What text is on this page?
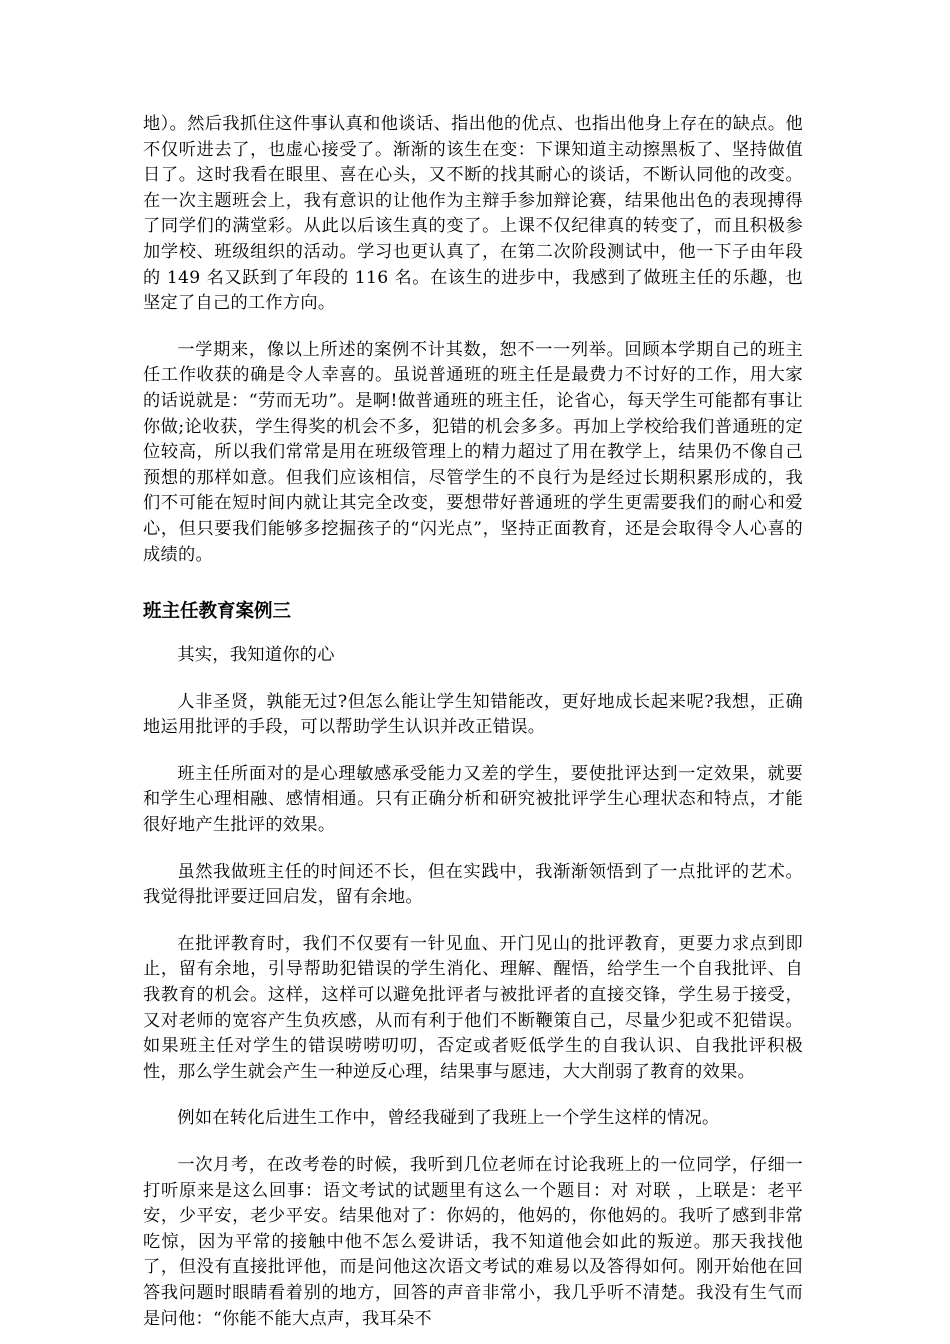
地）。然后我抓住这件事认真和他谈话、指出他的优点、也指出他身上存在的缺点。他不仅听进去了，也虚心接受了。渐渐的该生在变：下课知道主动擦黑板了、坚持做值日了。这时我看在眼里、喜在心头，又不断的找其耐心的谈话，不断认同他的改变。在一次主题班会上，我有意识的让他作为主辩手参加辩论赛，结果他出色的表现搏得了同学们的满堂彩。从此以后该生真的变了。上课不仅纪律真的转变了，而且积极参加学校、班级组织的活动。学习也更认真了，在第二次阶段测试中，他一下子由年段的 149 名又跃到了年段的 116 名。在该生的进步中，我感到了做班主任的乐趣，也坚定了自己的工作方向。

一学期来，像以上所述的案例不计其数，恕不一一列举。回顾本学期自己的班主任工作收获的确是令人幸喜的。虽说普通班的班主任是最费力不讨好的工作，用大家的话说就是：“劳而无功”。是啊!做普通班的班主任，论省心，每天学生可能都有事让你做;论收获，学生得奖的机会不多，犯错的机会多多。再加上学校给我们普通班的定位较高，所以我们常常是用在班级管理上的精力超过了用在教学上，结果仍不像自己预想的那样如意。但我们应该相信，尽管学生的不良行为是经过长期积累形成的，我们不可能在短时间内就让其完全改变，要想带好普通班的学生更需要我们的耐心和爱心，但只要我们能够多挖掘孩子的“闪光点”，坚持正面教育，还是会取得令人心喜的成绩的。

班主任教育案例三

其实，我知道你的心

人非圣贤，孰能无过?但怎么能让学生知错能改，更好地成长起来呢?我想，正确地运用批评的手段，可以帮助学生认识并改正错误。

班主任所面对的是心理敏感承受能力又差的学生，要使批评达到一定效果，就要和学生心理相融、感情相通。只有正确分析和研究被批评学生心理状态和特点，才能很好地产生批评的效果。

虽然我做班主任的时间还不长，但在实践中，我渐渐领悟到了一点批评的艺术。我觉得批评要迂回启发，留有余地。

在批评教育时，我们不仅要有一针见血、开门见山的批评教育，更要力求点到即止，留有余地，引导帮助犯错误的学生消化、理解、醒悟，给学生一个自我批评、自我教育的机会。这样，这样可以避免批评者与被批评者的直接交锋，学生易于接受，又对老师的宽容产生负疚感，从而有利于他们不断鞭策自己，尽量少犯或不犯错误。如果班主任对学生的错误唠唠叨叨，否定或者贬低学生的自我认识、自我批评积极性，那么学生就会产生一种逆反心理，结果事与愿违，大大削弱了教育的效果。

例如在转化后进生工作中，曾经我碰到了我班上一个学生这样的情况。

一次月考，在改考卷的时候，我听到几位老师在讨论我班上的一位同学，仔细一打听原来是这么回事：语文考试的试题里有这么一个题目：对 对联 ，上联是：老平安，少平安，老少平安。结果他对了：你妈的，他妈的，你他妈的。我听了感到非常吃惊，因为平常的接触中他不怎么爱讲话，我不知道他会如此的叛逆。那天我找他了，但没有直接批评他，而是问他这次语文考试的难易以及答得如何。刚开始他在回答我问题时眼睛看着别的地方，回答的声音非常小，我几乎听不清楚。我没有生气而是问他：“你能不能大点声，我耳朵不
